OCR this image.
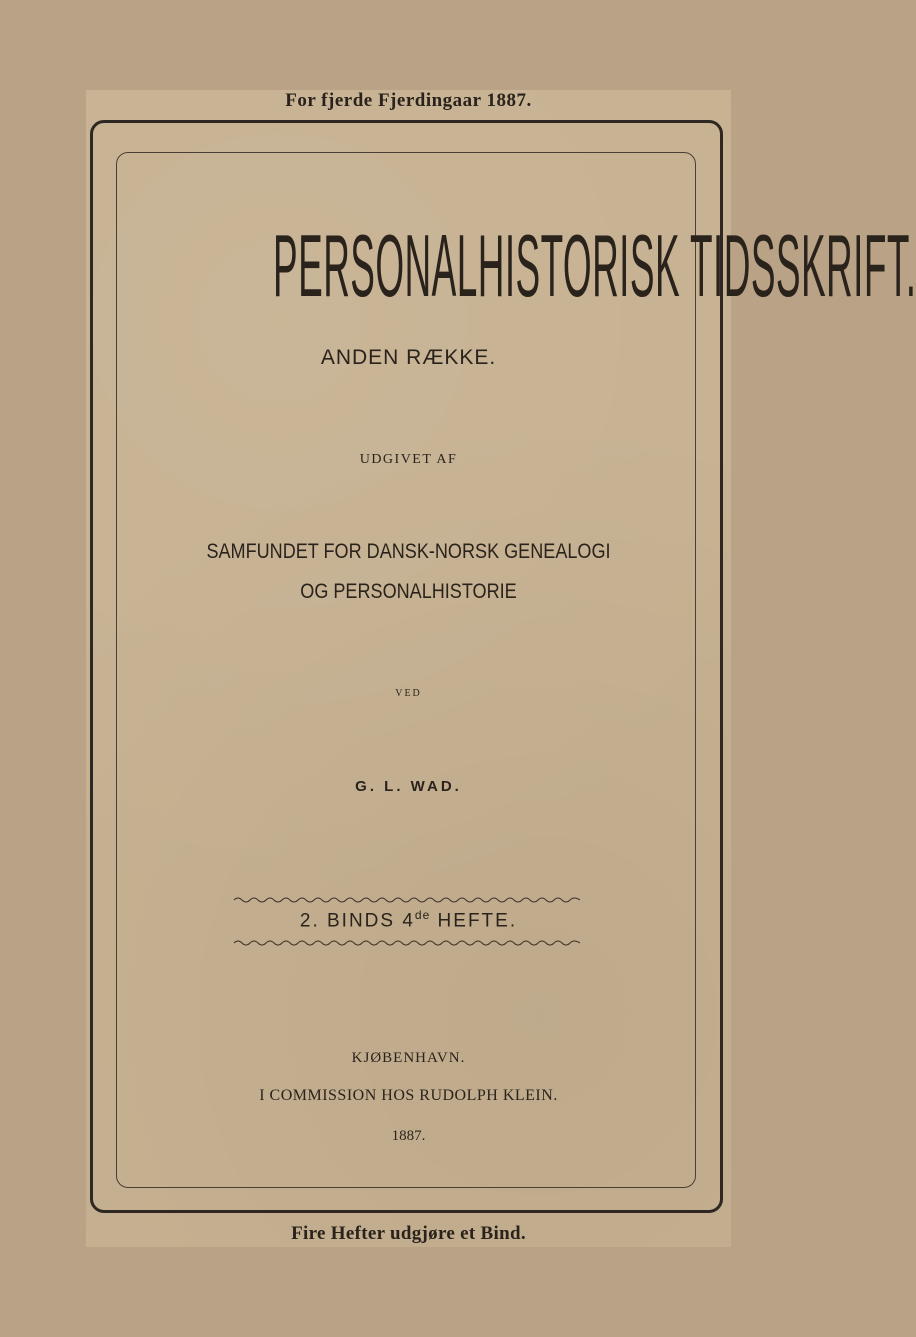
For fjerde Fjerdingaar 1887.
PERSONALHISTORISK TIDSSKRIFT.
ANDEN RÆKKE.
UDGIVET AF
SAMFUNDET FOR DANSK-NORSK GENEALOGI
OG PERSONALHISTORIE
VED
G. L. WAD.
2. BINDS 4de HEFTE.
KJØBENHAVN.
I COMMISSION HOS RUDOLPH KLEIN.
1887.
Fire Hefter udgjøre et Bind.
